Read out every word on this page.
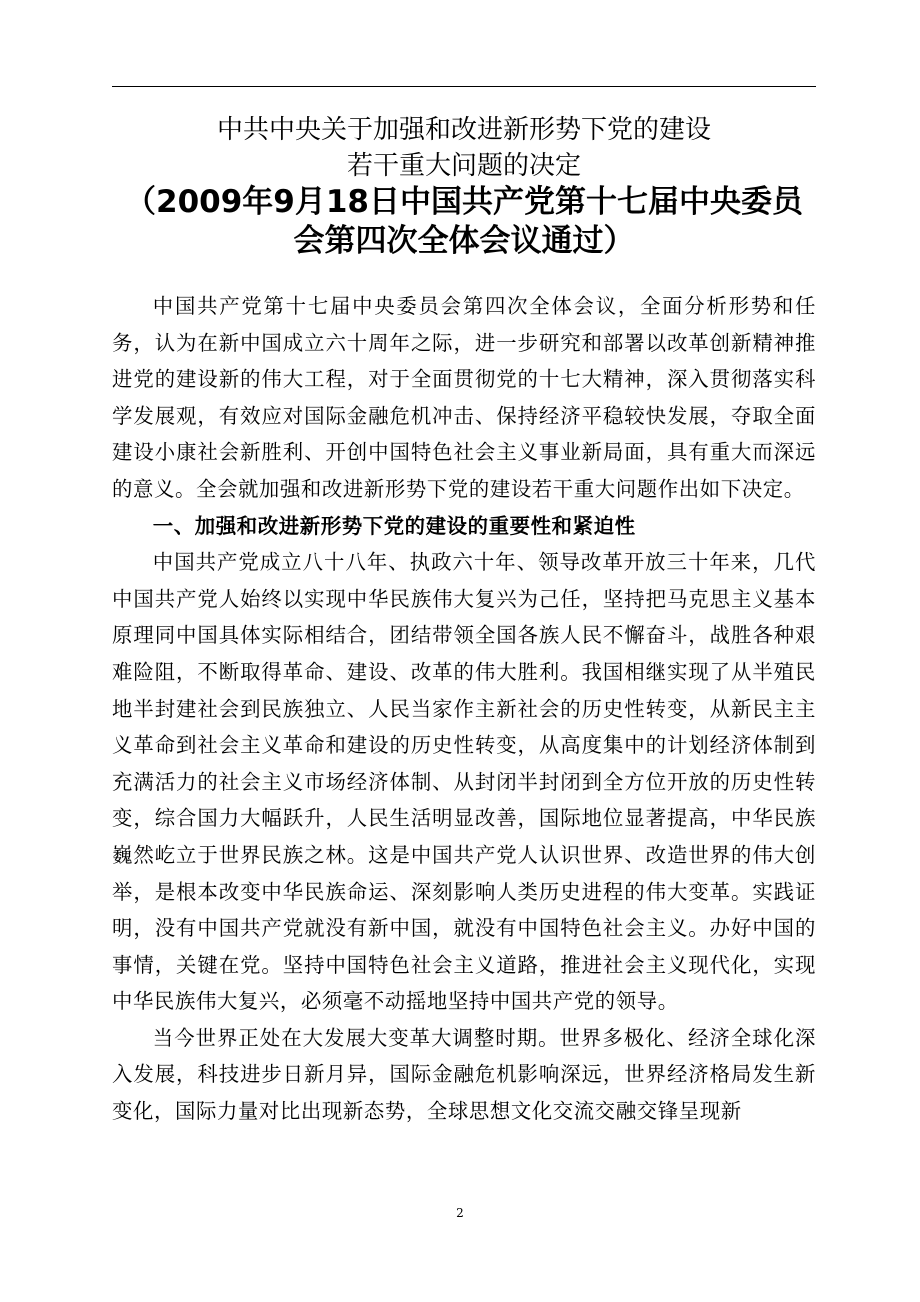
中共中央关于加强和改进新形势下党的建设
若干重大问题的决定
（2009年9月18日中国共产党第十七届中央委员
会第四次全体会议通过）

中国共产党第十七届中央委员会第四次全体会议，全面分析形势和任务，认为在新中国成立六十周年之际，进一步研究和部署以改革创新精神推进党的建设新的伟大工程，对于全面贯彻党的十七大精神，深入贯彻落实科学发展观，有效应对国际金融危机冲击、保持经济平稳较快发展，夺取全面建设小康社会新胜利、开创中国特色社会主义事业新局面，具有重大而深远的意义。全会就加强和改进新形势下党的建设若干重大问题作出如下决定。

一、加强和改进新形势下党的建设的重要性和紧迫性

中国共产党成立八十八年、执政六十年、领导改革开放三十年来，几代中国共产党人始终以实现中华民族伟大复兴为己任，坚持把马克思主义基本原理同中国具体实际相结合，团结带领全国各族人民不懈奋斗，战胜各种艰难险阻，不断取得革命、建设、改革的伟大胜利。我国相继实现了从半殖民地半封建社会到民族独立、人民当家作主新社会的历史性转变，从新民主主义革命到社会主义革命和建设的历史性转变，从高度集中的计划经济体制到充满活力的社会主义市场经济体制、从封闭半封闭到全方位开放的历史性转变，综合国力大幅跃升，人民生活明显改善，国际地位显著提高，中华民族巍然屹立于世界民族之林。这是中国共产党人认识世界、改造世界的伟大创举，是根本改变中华民族命运、深刻影响人类历史进程的伟大变革。实践证明，没有中国共产党就没有新中国，就没有中国特色社会主义。办好中国的事情，关键在党。坚持中国特色社会主义道路，推进社会主义现代化，实现中华民族伟大复兴，必须毫不动摇地坚持中国共产党的领导。

当今世界正处在大发展大变革大调整时期。世界多极化、经济全球化深入发展，科技进步日新月异，国际金融危机影响深远，世界经济格局发生新变化，国际力量对比出现新态势，全球思想文化交流交融交锋呈现新

2
